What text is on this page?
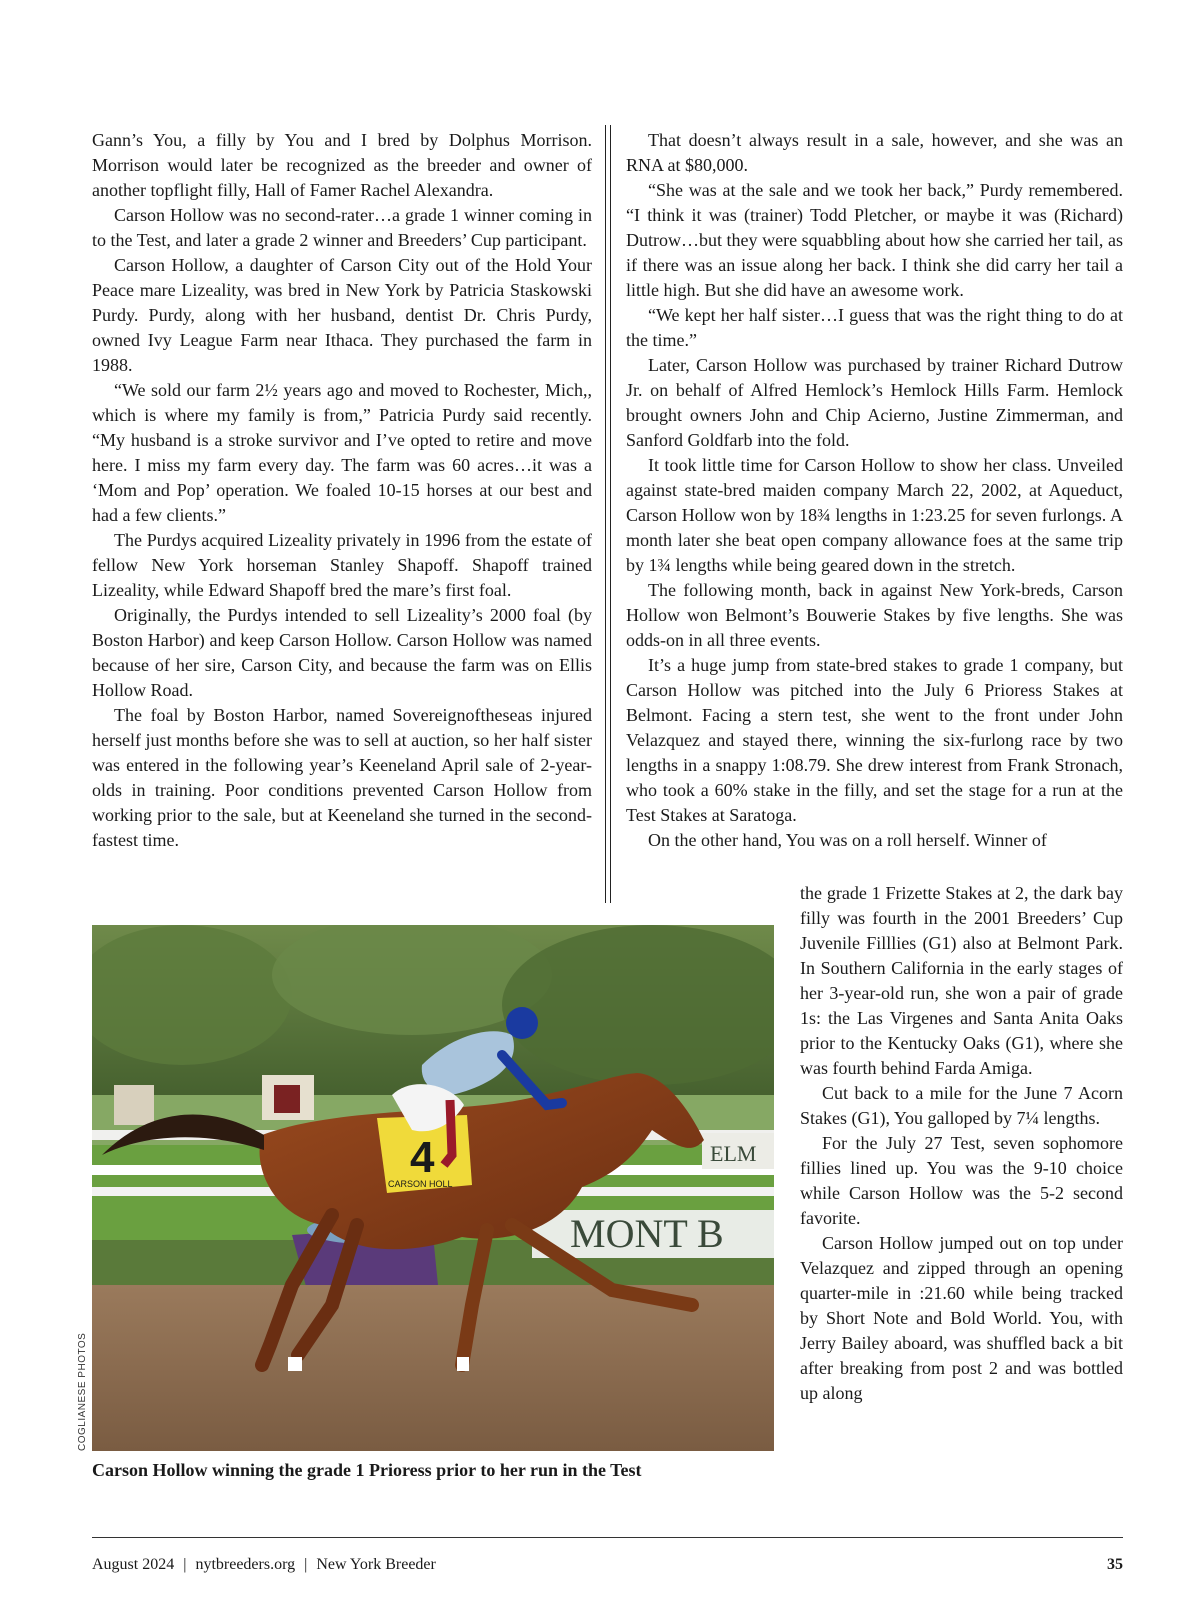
Gann’s You, a filly by You and I bred by Dolphus Morrison. Morrison would later be recognized as the breeder and owner of another topflight filly, Hall of Famer Rachel Alexandra.

Carson Hollow was no second-rater…a grade 1 winner coming in to the Test, and later a grade 2 winner and Breeders’ Cup participant.

Carson Hollow, a daughter of Carson City out of the Hold Your Peace mare Lizeality, was bred in New York by Patricia Staskowski Purdy. Purdy, along with her husband, dentist Dr. Chris Purdy, owned Ivy League Farm near Ithaca. They purchased the farm in 1988.

“We sold our farm 2½ years ago and moved to Rochester, Mich,, which is where my family is from,” Patricia Purdy said recently. “My husband is a stroke survivor and I’ve opted to retire and move here. I miss my farm every day. The farm was 60 acres…it was a ‘Mom and Pop’ operation. We foaled 10-15 horses at our best and had a few clients.”

The Purdys acquired Lizeality privately in 1996 from the estate of fellow New York horseman Stanley Shapoff. Shapoff trained Lizeality, while Edward Shapoff bred the mare’s first foal.

Originally, the Purdys intended to sell Lizeality’s 2000 foal (by Boston Harbor) and keep Carson Hollow. Carson Hollow was named because of her sire, Carson City, and because the farm was on Ellis Hollow Road.

The foal by Boston Harbor, named Sovereignoftheseas injured herself just months before she was to sell at auction, so her half sister was entered in the following year’s Keeneland April sale of 2-year-olds in training. Poor conditions prevented Carson Hollow from working prior to the sale, but at Keeneland she turned in the second-fastest time.

That doesn’t always result in a sale, however, and she was an RNA at $80,000.

“She was at the sale and we took her back,” Purdy remembered. “I think it was (trainer) Todd Pletcher, or maybe it was (Richard) Dutrow…but they were squabbling about how she carried her tail, as if there was an issue along her back. I think she did carry her tail a little high. But she did have an awesome work.

“We kept her half sister…I guess that was the right thing to do at the time.”

Later, Carson Hollow was purchased by trainer Richard Dutrow Jr. on behalf of Alfred Hemlock’s Hemlock Hills Farm. Hemlock brought owners John and Chip Acierno, Justine Zimmerman, and Sanford Goldfarb into the fold.

It took little time for Carson Hollow to show her class. Unveiled against state-bred maiden company March 22, 2002, at Aqueduct, Carson Hollow won by 18¾ lengths in 1:23.25 for seven furlongs. A month later she beat open company allowance foes at the same trip by 1¾ lengths while being geared down in the stretch.

The following month, back in against New York-breds, Carson Hollow won Belmont’s Bouwerie Stakes by five lengths. She was odds-on in all three events.

It’s a huge jump from state-bred stakes to grade 1 company, but Carson Hollow was pitched into the July 6 Prioress Stakes at Belmont. Facing a stern test, she went to the front under John Velazquez and stayed there, winning the six-furlong race by two lengths in a snappy 1:08.79. She drew interest from Frank Stronach, who took a 60% stake in the filly, and set the stage for a run at the Test Stakes at Saratoga.

On the other hand, You was on a roll herself. Winner of

the grade 1 Frizette Stakes at 2, the dark bay filly was fourth in the 2001 Breeders’ Cup Juvenile Filllies (G1) also at Belmont Park. In Southern California in the early stages of her 3-year-old run, she won a pair of grade 1s: the Las Virgenes and Santa Anita Oaks prior to the Kentucky Oaks (G1), where she was fourth behind Farda Amiga.

Cut back to a mile for the June 7 Acorn Stakes (G1), You galloped by 7¼ lengths.

For the July 27 Test, seven sophomore fillies lined up. You was the 9-10 choice while Carson Hollow was the 5-2 second favorite.

Carson Hollow jumped out on top under Velazquez and zipped through an opening quarter-mile in :21.60 while being tracked by Short Note and Bold World. You, with Jerry Bailey aboard, was shuffled back a bit after breaking from post 2 and was bottled up along

MONT B
ELM
4
CARSON HOLL
COGLIANESE PHOTOS
Carson Hollow winning the grade 1 Prioress prior to her run in the Test
August 2024 | nytbreeders.org | New York Breeder	35
